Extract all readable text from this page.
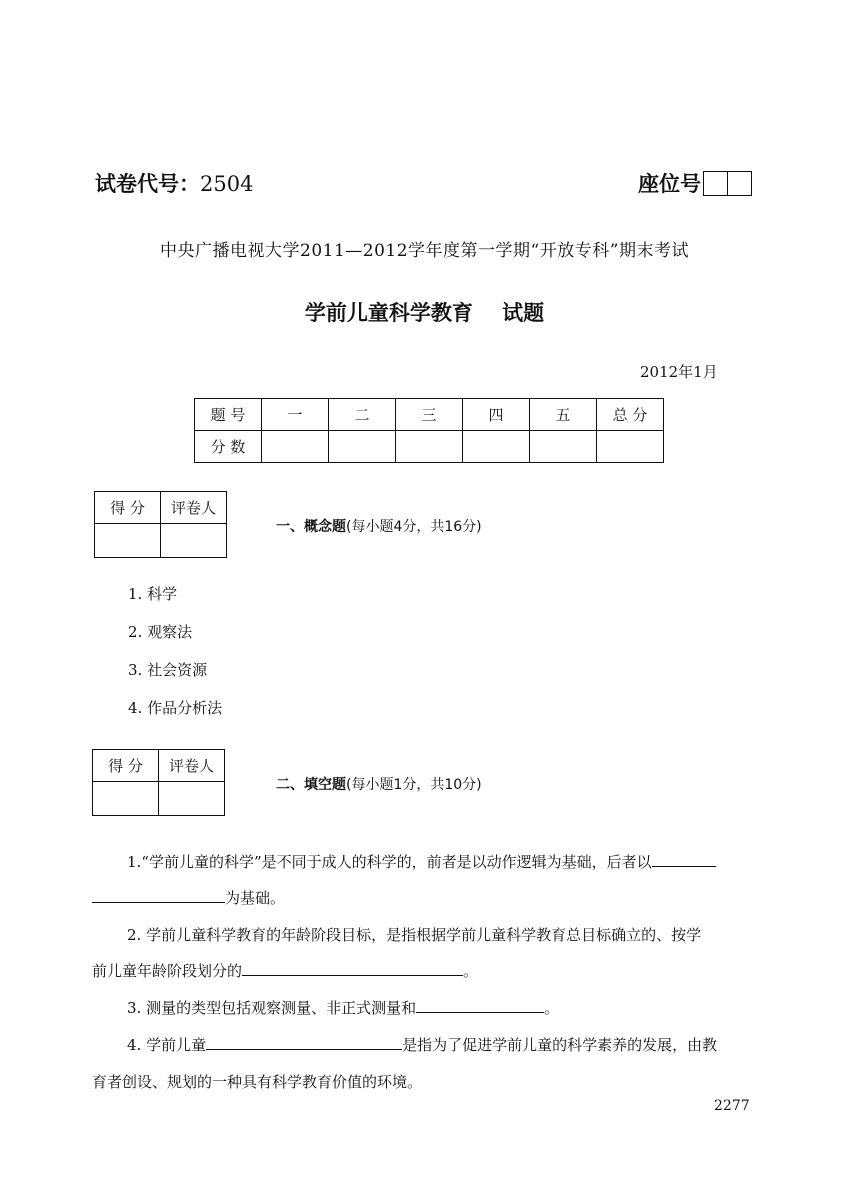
试卷代号：2504	座位号
中央广播电视大学2011—2012学年度第一学期“开放专科”期末考试
学前儿童科学教育    试题
2012年1月
题 号	一	二	三	四	五	总 分
分 数						
得 分	评卷人

一、概念题(每小题4分，共16分)
1. 科学
2. 观察法
3. 社会资源
4. 作品分析法
得 分	评卷人

二、填空题(每小题1分，共10分)
1.“学前儿童的科学”是不同于成人的科学的，前者是以动作逻辑为基础，后者以
为基础。
2. 学前儿童科学教育的年龄阶段目标，是指根据学前儿童科学教育总目标确立的、按学
前儿童年龄阶段划分的	。
3. 测量的类型包括观察测量、非正式测量和	。
4. 学前儿童	是指为了促进学前儿童的科学素养的发展，由教
育者创设、规划的一种具有科学教育价值的环境。
2277
